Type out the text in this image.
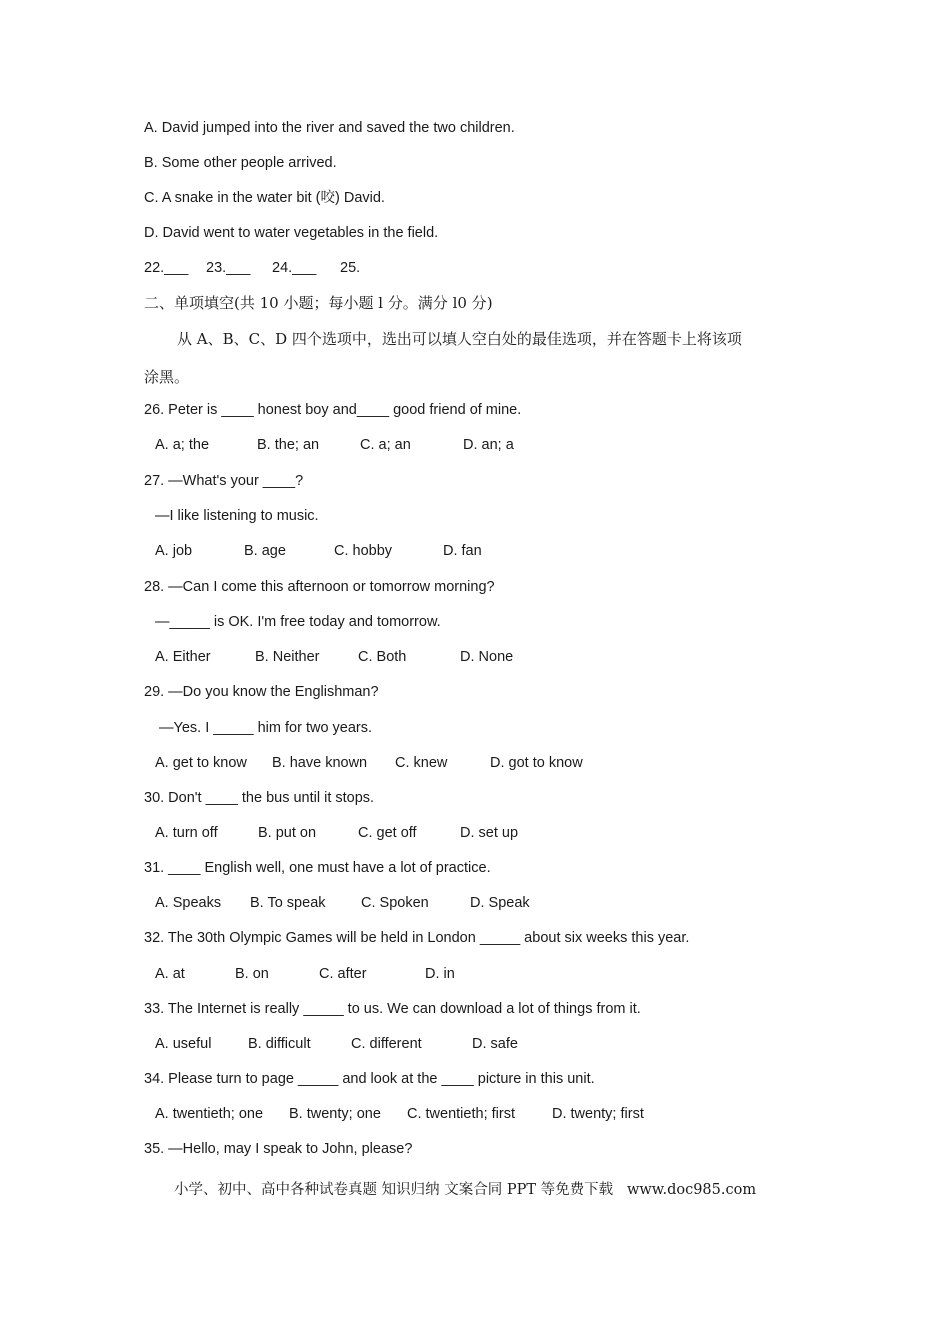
A. David jumped into the river and saved the two children.
B. Some other people arrived.
C. A snake in the water bit (咬) David.
D. David went to water vegetables in the field.

22.___

23.___

24.___

25.

二、单项填空(共 10 小题；每小题 l 分。满分 l0 分)
从 A、B、C、D 四个选项中，选出可以填人空白处的最佳选项，并在答题卡上将该项
涂黑。
26. Peter is ____ honest boy and____ good friend of mine.

A. a; the

	B. the; an

	C. a; an

	D. an; a

27. —What's your ____?
—I like listening to music.

A. job

	B. age

	C. hobby

	D. fan

28. —Can I come this afternoon or tomorrow morning?
—_____ is OK. I'm free today and tomorrow.

A. Either

	B. Neither

	C. Both

	D. None

29. —Do you know the Englishman?
—Yes. I _____ him for two years.

A. get to know

B. have known

C. knew

	D. got to know

30. Don't ____ the bus until it stops.

A. turn off

	B. put on

	C. get off

	D. set up

31. ____ English well, one must have a lot of practice.

A. Speaks

B. To speak

C. Spoken

	D. Speak

32. The 30th Olympic Games will be held in London _____ about six weeks this year.

A. at

	B. on

	C. after

	D. in

33. The Internet is really _____ to us. We can download a lot of things from it.

A. useful

	B. difficult

	C. different

	D. safe

34. Please turn to page _____ and look at the ____ picture in this unit.

A. twentieth; one

B. twenty; one

C. twentieth; first

	D. twenty; first

35. —Hello, may I speak to John, please?
小学、初中、高中各种试卷真题 知识归纳 文案合同 PPT 等免费下载   www.doc985.com
